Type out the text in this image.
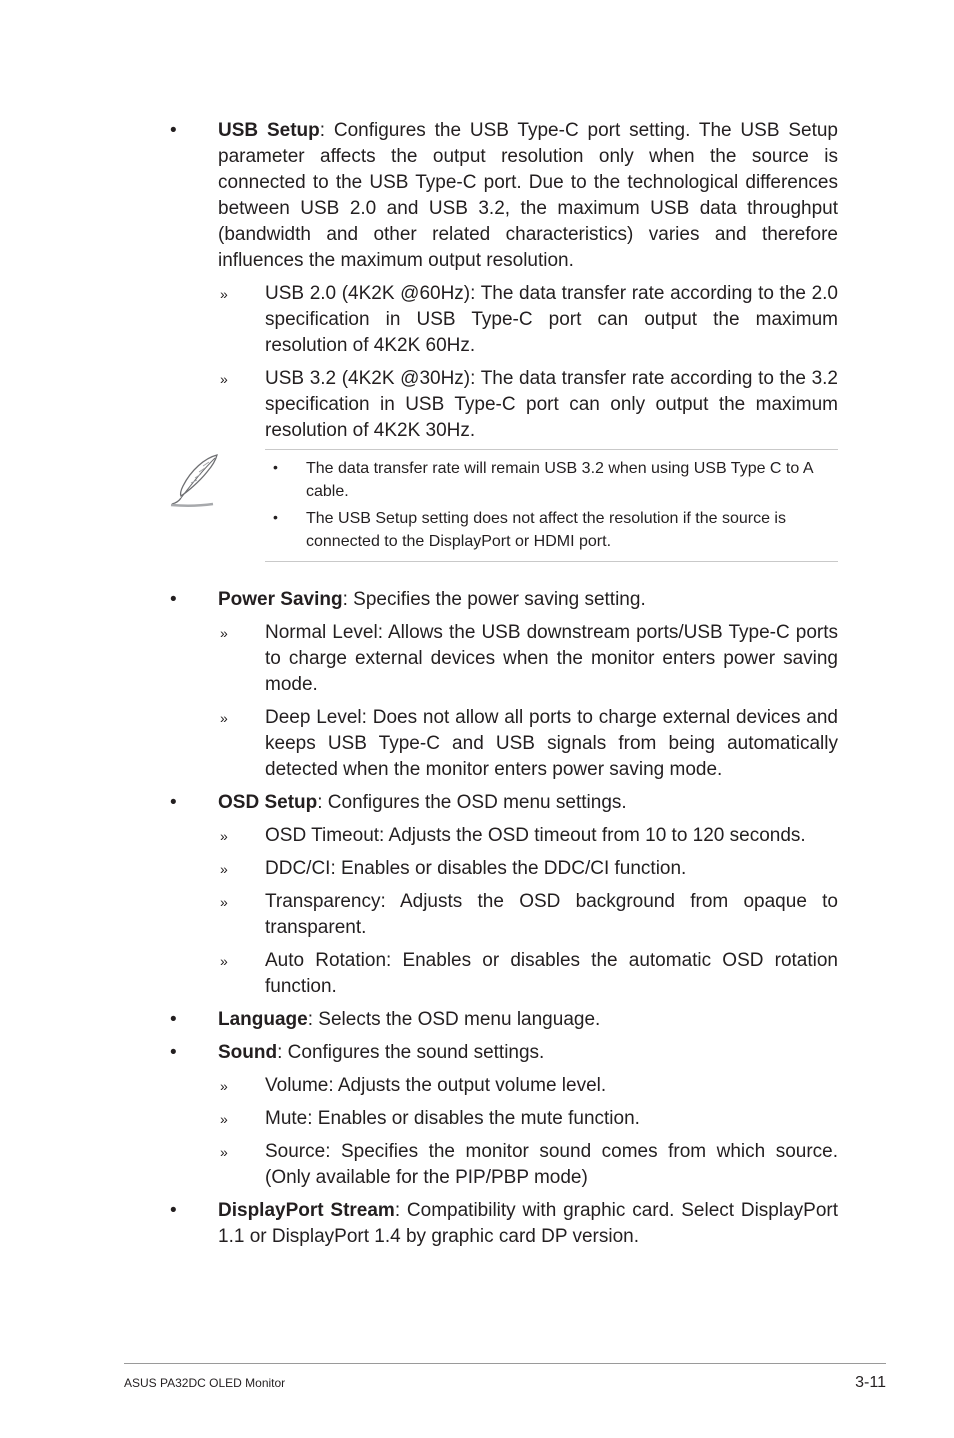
• USB Setup: Configures the USB Type-C port setting. The USB Setup parameter affects the output resolution only when the source is connected to the USB Type-C port. Due to the technological differences between USB 2.0 and USB 3.2, the maximum USB data throughput (bandwidth and other related characteristics) varies and therefore influences the maximum output resolution.
» USB 2.0 (4K2K @60Hz): The data transfer rate according to the 2.0 specification in USB Type-C port can output the maximum resolution of 4K2K 60Hz.
» USB 3.2 (4K2K @30Hz): The data transfer rate according to the 3.2 specification in USB Type-C port can only output the maximum resolution of 4K2K 30Hz.
• The data transfer rate will remain USB 3.2 when using USB Type C to A cable.
• The USB Setup setting does not affect the resolution if the source is connected to the DisplayPort or HDMI port.
• Power Saving: Specifies the power saving setting.
» Normal Level: Allows the USB downstream ports/USB Type-C ports to charge external devices when the monitor enters power saving mode.
» Deep Level: Does not allow all ports to charge external devices and keeps USB Type-C and USB signals from being automatically detected when the monitor enters power saving mode.
• OSD Setup: Configures the OSD menu settings.
» OSD Timeout: Adjusts the OSD timeout from 10 to 120 seconds.
» DDC/CI: Enables or disables the DDC/CI function.
» Transparency: Adjusts the OSD background from opaque to transparent.
» Auto Rotation: Enables or disables the automatic OSD rotation function.
• Language: Selects the OSD menu language.
• Sound: Configures the sound settings.
» Volume: Adjusts the output volume level.
» Mute: Enables or disables the mute function.
» Source: Specifies the monitor sound comes from which source. (Only available for the PIP/PBP mode)
• DisplayPort Stream: Compatibility with graphic card. Select DisplayPort 1.1 or DisplayPort 1.4 by graphic card DP version.
ASUS PA32DC OLED Monitor	3-11
